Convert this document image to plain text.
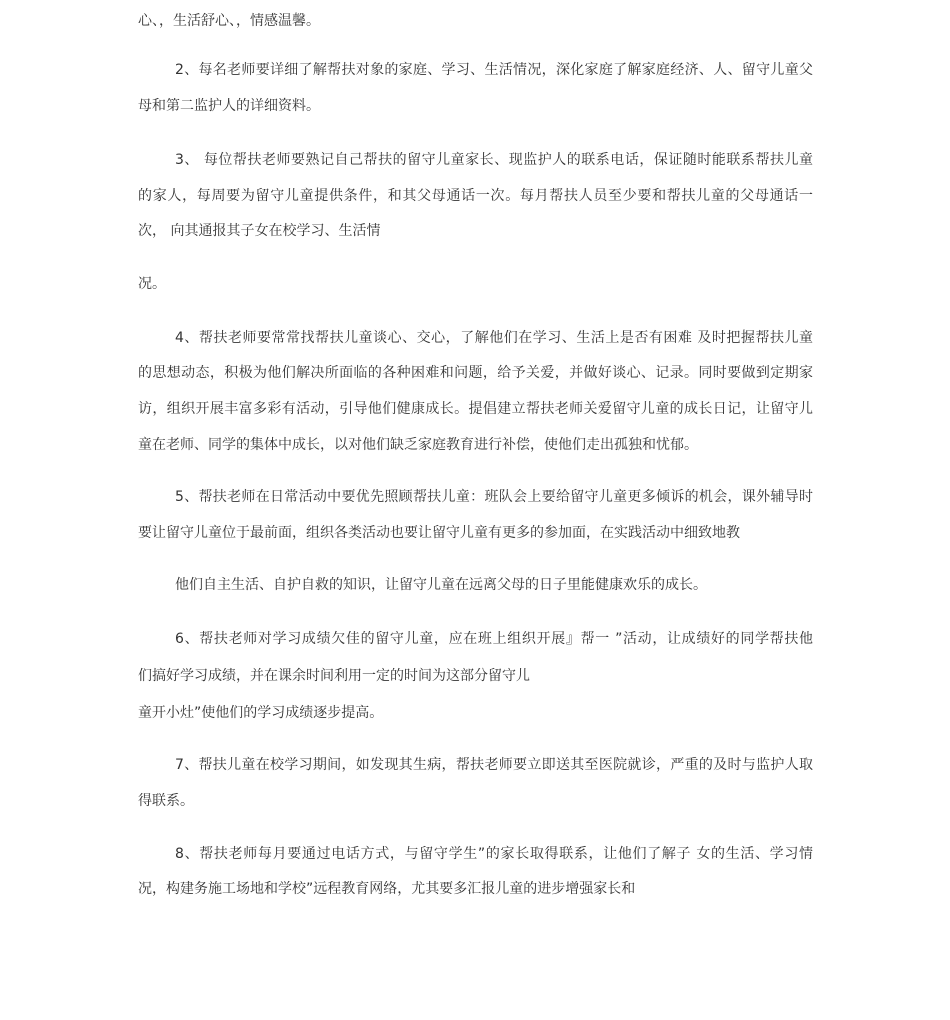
心、，生活舒心、，情感温馨。
2、每名老师要详细了解帮扶对象的家庭、学习、生活情况，深化家庭了解家庭经济、人、留守儿童父
母和第二监护人的详细资料。
3、 每位帮扶老师要熟记自己帮扶的留守儿童家长、现监护人的联系电话，保证随时能联系帮扶儿童
的家人，每周要为留守儿童提供条件，和其父母通话一次。每月帮扶人员至少要和帮扶儿童的父母通话一
次， 向其通报其子女在校学习、生活情
况。
4、帮扶老师要常常找帮扶儿童谈心、交心，了解他们在学习、生活上是否有困难 及时把握帮扶儿童
的思想动态，积极为他们解决所面临的各种困难和问题，给予关爱，并做好谈心、记录。同时要做到定期家
访，组织开展丰富多彩有活动，引导他们健康成长。提倡建立帮扶老师关爱留守儿童的成长日记，让留守儿
童在老师、同学的集体中成长，以对他们缺乏家庭教育进行补偿，使他们走出孤独和忧郁。
5、帮扶老师在日常活动中要优先照顾帮扶儿童：班队会上要给留守儿童更多倾诉的机会，课外辅导时
要让留守儿童位于最前面，组织各类活动也要让留守儿童有更多的参加面，在实践活动中细致地教
他们自主生活、自护自救的知识，让留守儿童在远离父母的日子里能健康欢乐的成长。
6、帮扶老师对学习成绩欠佳的留守儿童，应在班上组织开展』帮一 ”活动，让成绩好的同学帮扶他
们搞好学习成绩，并在课余时间利用一定的时间为这部分留守儿
童开小灶”使他们的学习成绩逐步提高。
7、帮扶儿童在校学习期间，如发现其生病，帮扶老师要立即送其至医院就诊，严重的及时与监护人取
得联系。
8、帮扶老师每月要通过电话方式，与留守学生”的家长取得联系，让他们了解子 女的生活、学习情
况，构建务施工场地和学校”远程教育网络，尤其要多汇报儿童的进步增强家长和
